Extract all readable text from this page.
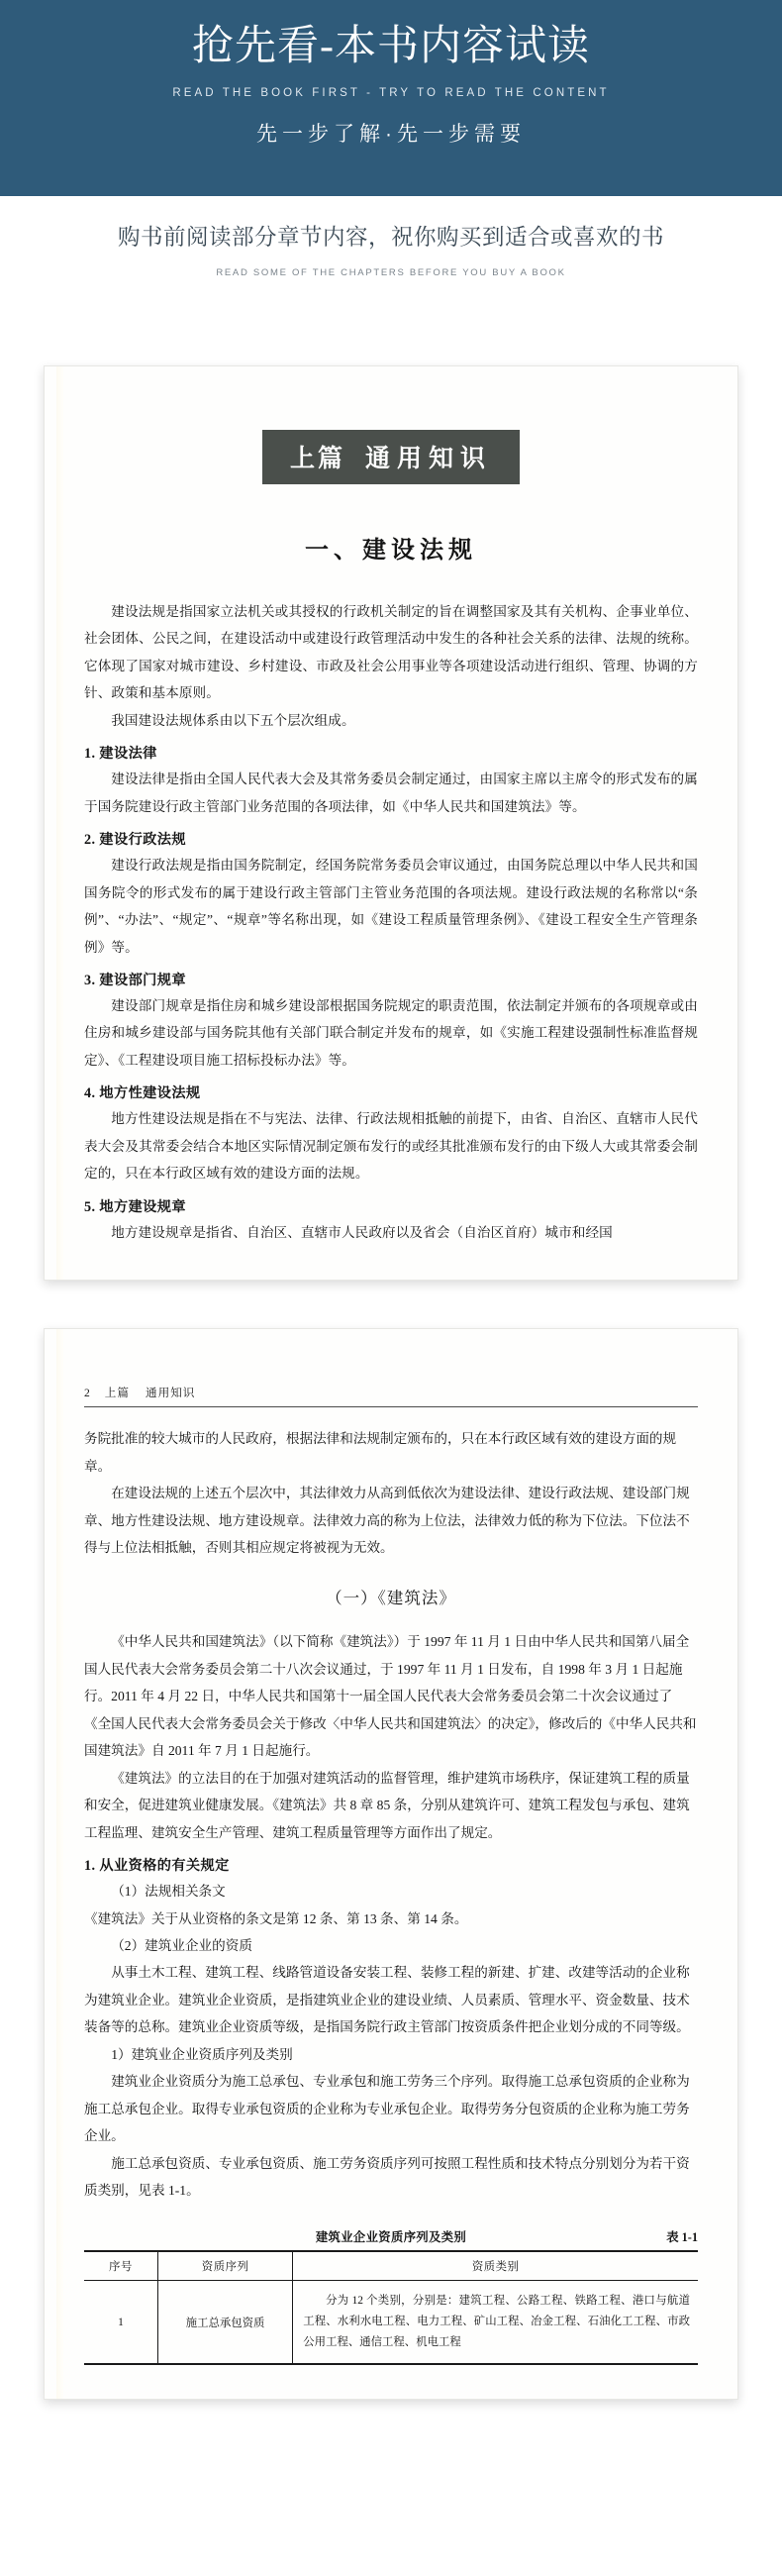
抢先看-本书内容试读
READ THE BOOK FIRST - TRY TO READ THE CONTENT
先一步了解·先一步需要
购书前阅读部分章节内容，祝你购买到适合或喜欢的书
READ SOME OF THE CHAPTERS BEFORE YOU BUY A BOOK
上篇 通用知识
一、建设法规

建设法规是指国家立法机关或其授权的行政机关制定的旨在调整国家及其有关机构、企事业单位、社会团体、公民之间，在建设活动中或建设行政管理活动中发生的各种社会关系的法律、法规的统称。它体现了国家对城市建设、乡村建设、市政及社会公用事业等各项建设活动进行组织、管理、协调的方针、政策和基本原则。

我国建设法规体系由以下五个层次组成。

1. 建设法律

建设法律是指由全国人民代表大会及其常务委员会制定通过，由国家主席以主席令的形式发布的属于国务院建设行政主管部门业务范围的各项法律，如《中华人民共和国建筑法》等。

2. 建设行政法规

建设行政法规是指由国务院制定，经国务院常务委员会审议通过，由国务院总理以中华人民共和国国务院令的形式发布的属于建设行政主管部门主管业务范围的各项法规。建设行政法规的名称常以“条例”、“办法”、“规定”、“规章”等名称出现，如《建设工程质量管理条例》、《建设工程安全生产管理条例》等。

3. 建设部门规章

建设部门规章是指住房和城乡建设部根据国务院规定的职责范围，依法制定并颁布的各项规章或由住房和城乡建设部与国务院其他有关部门联合制定并发布的规章，如《实施工程建设强制性标准监督规定》、《工程建设项目施工招标投标办法》等。

4. 地方性建设法规

地方性建设法规是指在不与宪法、法律、行政法规相抵触的前提下，由省、自治区、直辖市人民代表大会及其常委会结合本地区实际情况制定颁布发行的或经其批准颁布发行的由下级人大或其常委会制定的，只在本行政区域有效的建设方面的法规。

5. 地方建设规章

地方建设规章是指省、自治区、直辖市人民政府以及省会（自治区首府）城市和经国

2 上篇 通用知识

务院批准的较大城市的人民政府，根据法律和法规制定颁布的，只在本行政区域有效的建设方面的规章。

在建设法规的上述五个层次中，其法律效力从高到低依次为建设法律、建设行政法规、建设部门规章、地方性建设法规、地方建设规章。法律效力高的称为上位法，法律效力低的称为下位法。下位法不得与上位法相抵触，否则其相应规定将被视为无效。

（一）《建筑法》

《中华人民共和国建筑法》（以下简称《建筑法》）于 1997 年 11 月 1 日由中华人民共和国第八届全国人民代表大会常务委员会第二十八次会议通过，于 1997 年 11 月 1 日发布，自 1998 年 3 月 1 日起施行。2011 年 4 月 22 日，中华人民共和国第十一届全国人民代表大会常务委员会第二十次会议通过了《全国人民代表大会常务委员会关于修改〈中华人民共和国建筑法〉的决定》，修改后的《中华人民共和国建筑法》自 2011 年 7 月 1 日起施行。

《建筑法》的立法目的在于加强对建筑活动的监督管理，维护建筑市场秩序，保证建筑工程的质量和安全，促进建筑业健康发展。《建筑法》共 8 章 85 条，分别从建筑许可、建筑工程发包与承包、建筑工程监理、建筑安全生产管理、建筑工程质量管理等方面作出了规定。

1. 从业资格的有关规定

（1）法规相关条文

《建筑法》关于从业资格的条文是第 12 条、第 13 条、第 14 条。

（2）建筑业企业的资质

从事土木工程、建筑工程、线路管道设备安装工程、装修工程的新建、扩建、改建等活动的企业称为建筑业企业。建筑业企业资质，是指建筑业企业的建设业绩、人员素质、管理水平、资金数量、技术装备等的总称。建筑业企业资质等级，是指国务院行政主管部门按资质条件把企业划分成的不同等级。

1）建筑业企业资质序列及类别

建筑业企业资质分为施工总承包、专业承包和施工劳务三个序列。取得施工总承包资质的企业称为施工总承包企业。取得专业承包资质的企业称为专业承包企业。取得劳务分包资质的企业称为施工劳务企业。

施工总承包资质、专业承包资质、施工劳务资质序列可按照工程性质和技术特点分别划分为若干资质类别，见表 1-1。

建筑业企业资质序列及类别	表 1-1
序号	资质序列	资质类别
1	施工总承包资质	分为 12 个类别，分别是：建筑工程、公路工程、铁路工程、港口与航道工程、水利水电工程、电力工程、矿山工程、冶金工程、石油化工工程、市政公用工程、通信工程、机电工程
